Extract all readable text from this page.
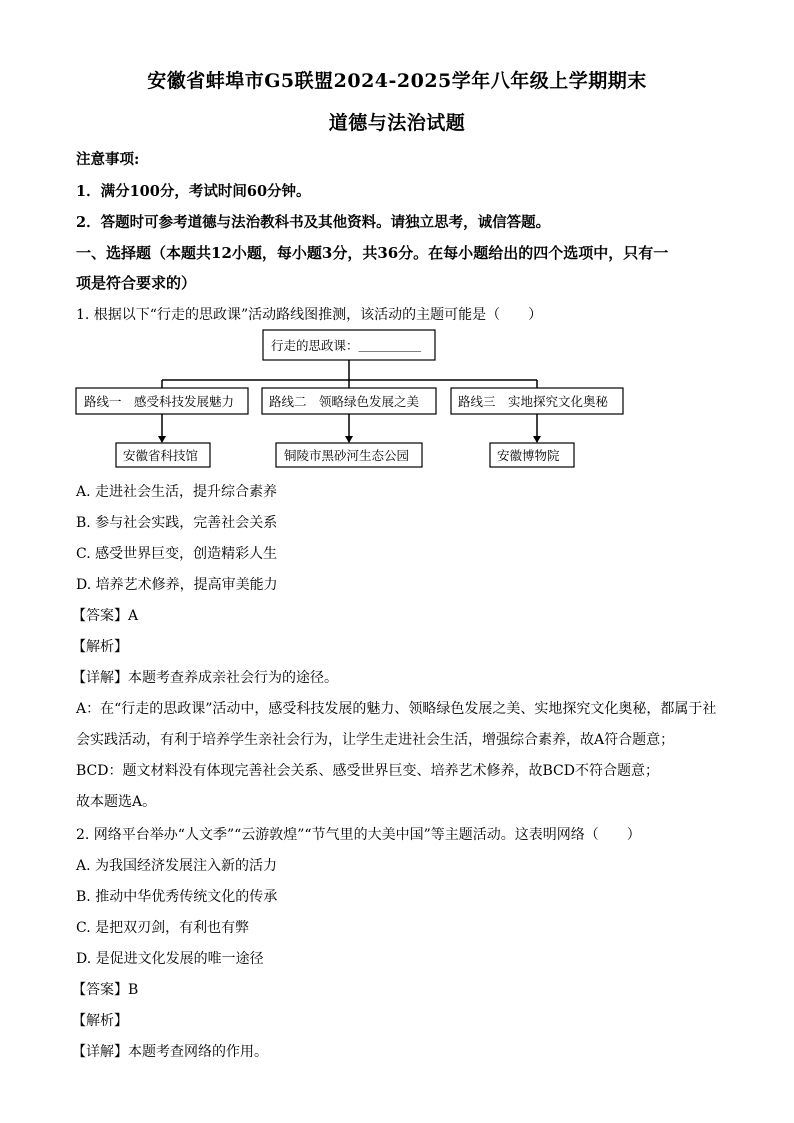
安徽省蚌埠市G5联盟2024-2025学年八年级上学期期末
道德与法治试题
注意事项:
1．满分100分，考试时间60分钟。
2．答题时可参考道德与法治教科书及其他资料。请独立思考，诚信答题。
一、选择题（本题共12小题，每小题3分，共36分。在每小题给出的四个选项中，只有一
项是符合要求的）
1. 根据以下“行走的思政课”活动路线图推测，该活动的主题可能是（　　）
行走的思政课：＿＿＿＿＿
路线一　感受科技发展魅力	路线二　领略绿色发展之美	路线三　实地探究文化奥秘
安徽省科技馆	铜陵市黑砂河生态公园	安徽博物院
A. 走进社会生活，提升综合素养
B. 参与社会实践，完善社会关系
C. 感受世界巨变，创造精彩人生
D. 培养艺术修养，提高审美能力
【答案】A
【解析】
【详解】本题考查养成亲社会行为的途径。
A：在“行走的思政课”活动中，感受科技发展的魅力、领略绿色发展之美、实地探究文化奥秘，都属于社
会实践活动，有利于培养学生亲社会行为，让学生走进社会生活，增强综合素养，故A符合题意；
BCD：题文材料没有体现完善社会关系、感受世界巨变、培养艺术修养，故BCD不符合题意；
故本题选A。
2. 网络平台举办“人文季”“云游敦煌”“节气里的大美中国”等主题活动。这表明网络（　　）
A. 为我国经济发展注入新的活力
B. 推动中华优秀传统文化的传承
C. 是把双刃剑，有利也有弊
D. 是促进文化发展的唯一途径
【答案】B
【解析】
【详解】本题考查网络的作用。
